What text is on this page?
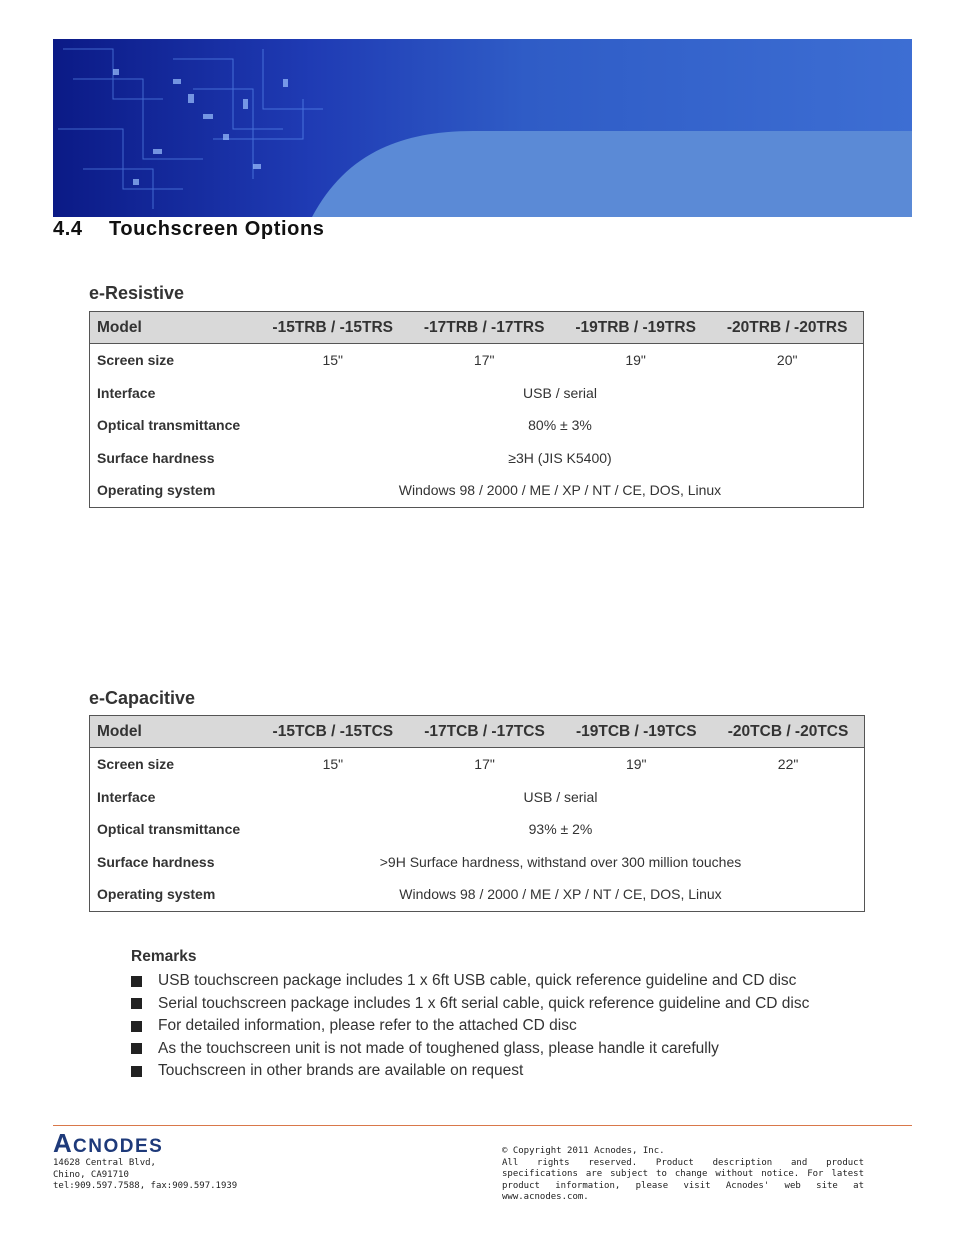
4.4 Touchscreen Options
e-Resistive
Model	-15TRB / -15TRS	-17TRB / -17TRS	-19TRB / -19TRS	-20TRB / -20TRS
Screen size	15"	17"	19"	20"
Interface	USB / serial			
Optical transmittance	80% ± 3%			
Surface hardness	≥3H (JIS K5400)			
Operating system	Windows 98 / 2000 / ME / XP / NT / CE, DOS, Linux			
e-Capacitive
Model	-15TCB / -15TCS	-17TCB / -17TCS	-19TCB / -19TCS	-20TCB / -20TCS
Screen size	15"	17"	19"	22"
Interface	USB / serial			
Optical transmittance	93% ± 2%			
Surface hardness	>9H Surface hardness, withstand over 300 million touches			
Operating system	Windows 98 / 2000 / ME / XP / NT / CE, DOS, Linux			
Remarks
USB touchscreen package includes 1 x 6ft USB cable, quick reference guideline and CD disc
Serial touchscreen package includes 1 x 6ft serial cable, quick reference guideline and CD disc
For detailed information, please refer to the attached CD disc
As the touchscreen unit is not made of toughened glass, please handle it carefully
Touchscreen in other brands are available on request
A CNODES
14628 Central Blvd,
Chino, CA91710
tel:909.597.7588, fax:909.597.1939
© Copyright 2011 Acnodes, Inc.
All rights reserved. Product description and product specifications are subject to change without notice. For latest product information, please visit Acnodes' web site at www.acnodes.com.
